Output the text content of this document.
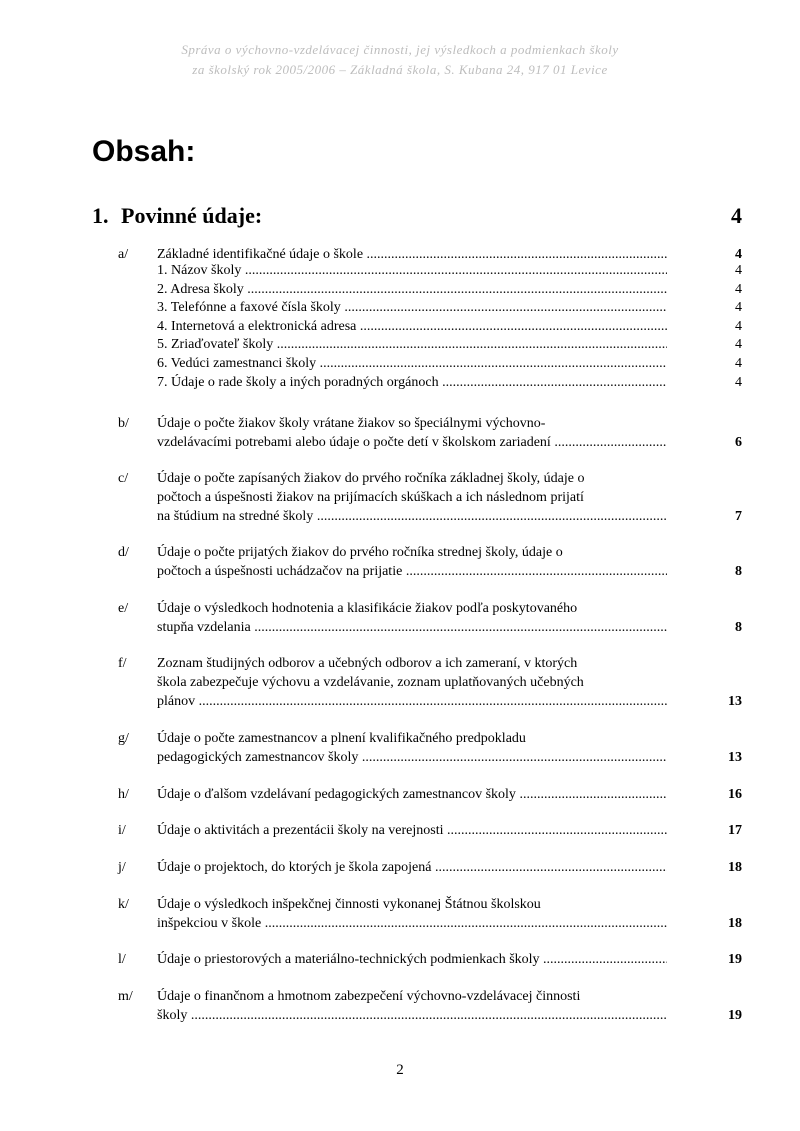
Správa o výchovno-vzdelávacej činnosti, jej výsledkoch a podmienkach školy
za školský rok 2005/2006 – Základná škola, S. Kubana 24, 917 01 Levice
Obsah:
1. Povinné údaje:	4
a/ Základné identifikačné údaje o škole .....	4
1. Názov školy .....	4
2. Adresa školy .....	4
3. Telefónne a faxové čísla školy .....	4
4. Internetová a elektronická adresa .....	4
5. Zriaďovateľ školy .....	4
6. Vedúci zamestnanci školy .....	4
7. Údaje o rade školy a iných poradných orgánoch .....	4
b/ Údaje o počte žiakov školy vrátane žiakov so špeciálnymi výchovno-
vzdelávacími potrebami alebo údaje o počte detí v školskom zariadení .....	6
c/ Údaje o počte zapísaných žiakov do prvého ročníka základnej školy, údaje o
počtoch a úspešnosti žiakov na prijímacích skúškach a ich následnom prijatí
na štúdium na stredné školy .....	7
d/ Údaje o počte prijatých žiakov do prvého ročníka strednej školy, údaje o
počtoch a úspešnosti uchádzačov na prijatie .....	8
e/ Údaje o výsledkoch hodnotenia a klasifikácie žiakov podľa poskytovaného
stupňa vzdelania .....	8
f/ Zoznam študijných odborov a učebných odborov a ich zameraní, v ktorých
škola zabezpečuje výchovu a vzdelávanie, zoznam uplatňovaných učebných
plánov .....	13
g/ Údaje o počte zamestnancov a plnení kvalifikačného predpokladu
pedagogických zamestnancov školy .....	13
h/ Údaje o ďalšom vzdelávaní pedagogických zamestnancov školy .....	16
i/ Údaje o aktivitách a prezentácii školy na verejnosti .....	17
j/ Údaje o projektoch, do ktorých je škola zapojená .....	18
k/ Údaje o výsledkoch inšpekčnej činnosti vykonanej Štátnou školskou
inšpekciou v škole .....	18
l/ Údaje o priestorových a materiálno-technických podmienkach školy .....	19
m/ Údaje o finančnom a hmotnom zabezpečení výchovno-vzdelávacej činnosti
školy .....	19
2
